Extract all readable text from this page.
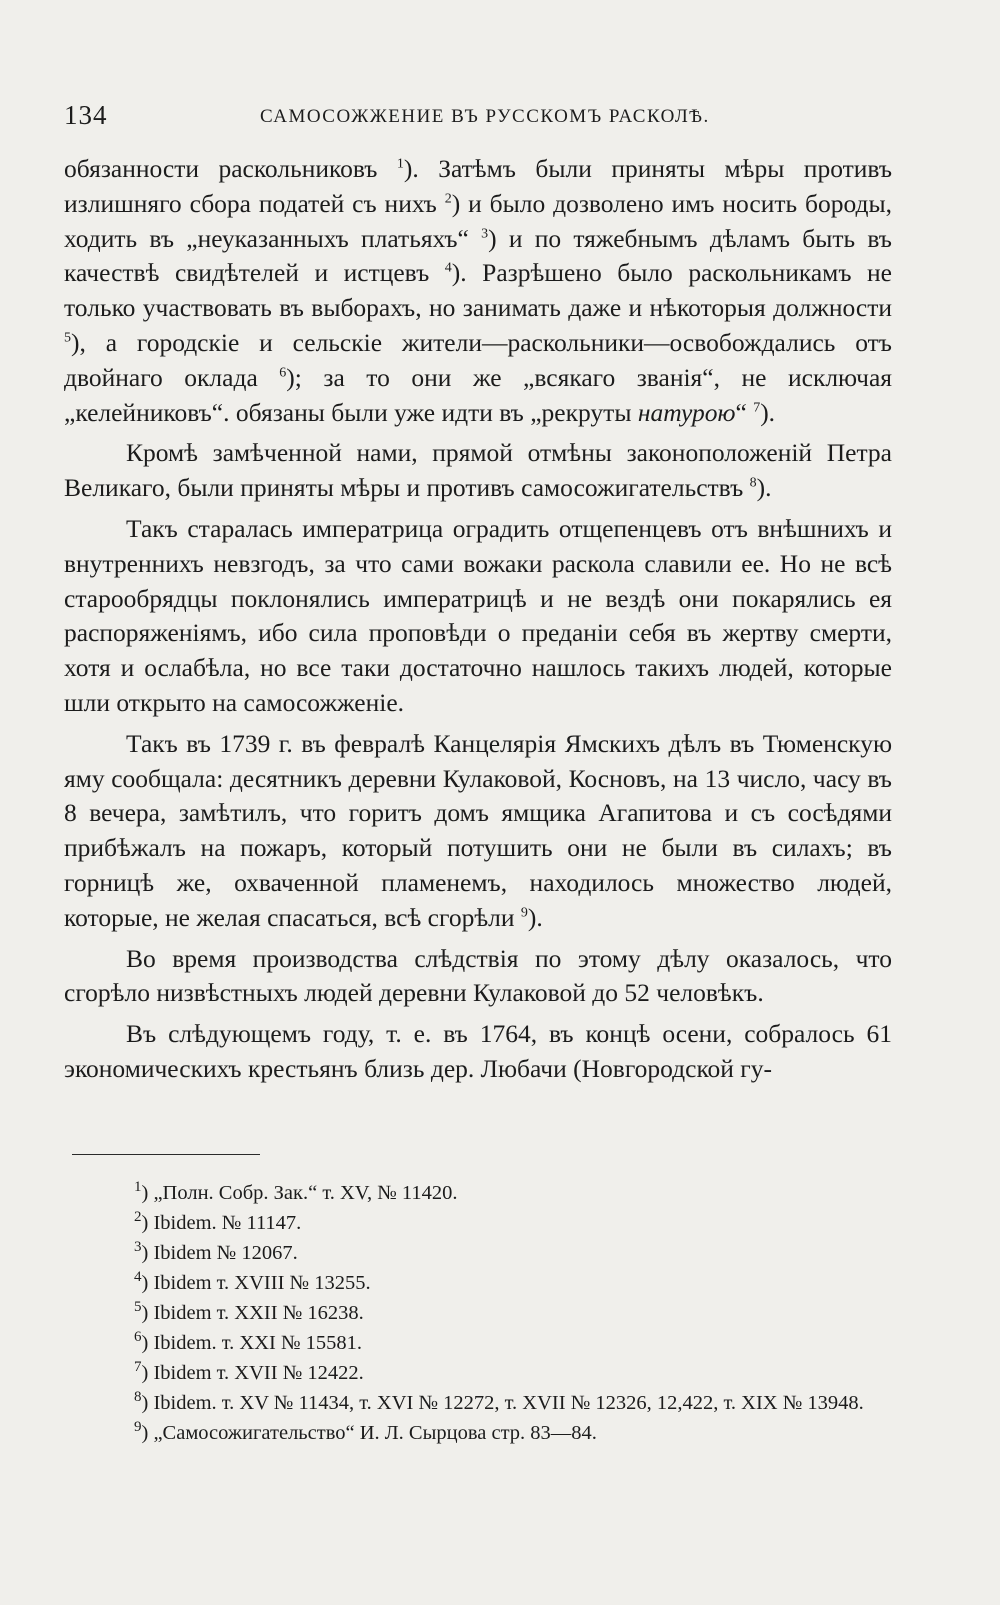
134	САМОСОЖЖЕНИЕ ВЪ РУССКОМЪ РАСКОЛѢ.

обязанности раскольниковъ $^1$). Затѣмъ были приняты мѣры противъ излишняго сбора податей съ нихъ $^2$) и было дозволено имъ носить бороды, ходить въ „неуказанныхъ платьяхъ“ $^3$) и по тяжебнымъ дѣламъ быть въ качествѣ свидѣтелей и истцевъ $^4$). Разрѣшено было раскольникамъ не только участвовать въ выборахъ, но занимать даже и нѣкоторыя должности $^5$), а городскіе и сельскіе жители—раскольники—освобождались отъ двойнаго оклада $^6$); за то они же „всякаго званія“, не исключая „келейниковъ“. обязаны были уже идти въ „рекруты натурою“ $^7$).

Кромѣ замѣченной нами, прямой отмѣны законоположеній Петра Великаго, были приняты мѣры и противъ самосожигательствъ $^8$).

Такъ старалась императрица оградить отщепенцевъ отъ внѣшнихъ и внутреннихъ невзгодъ, за что сами вожаки раскола славили ее. Но не всѣ старообрядцы поклонялись императрицѣ и не вездѣ они покарялись ея распоряженіямъ, ибо сила проповѣди о преданіи себя въ жертву смерти, хотя и ослабѣла, но все таки достаточно нашлось такихъ людей, которые шли открыто на самосожженіе.

Такъ въ 1739 г. въ февралѣ Канцелярія Ямскихъ дѣлъ въ Тюменскую яму сообщала: десятникъ деревни Кулаковой, Косновъ, на 13 число, часу въ 8 вечера, замѣтилъ, что горитъ домъ ямщика Агапитова и съ сосѣдями прибѣжалъ на пожаръ, который потушить они не были въ силахъ; въ горницѣ же, охваченной пламенемъ, находилось множество людей, которые, не желая спасаться, всѣ сгорѣли $^9$).

Во время производства слѣдствія по этому дѣлу оказалось, что сгорѣло низвѣстныхъ людей деревни Кулаковой до 52 человѣкъ.

Въ слѣдующемъ году, т. е. въ 1764, въ концѣ осени, собралось 61 экономическихъ крестьянъ близь дер. Любачи (Новгородской гу-

$^1$) „Полн. Собр. Зак.“ т. XV, № 11420.

$^2$) Ibidem. № 11147.

$^3$) Ibidem № 12067.

$^4$) Ibidem т. XVIII № 13255.

$^5$) Ibidem т. XXII № 16238.

$^6$) Ibidem. т. XXI № 15581.

$^7$) Ibidem т. XVII № 12422.

$^8$) Ibidem. т. XV № 11434, т. XVI № 12272, т. XVII № 12326, 12,422, т. XIX № 13948.

$^9$) „Самосожигательство“ И. Л. Сырцова стр. 83—84.
